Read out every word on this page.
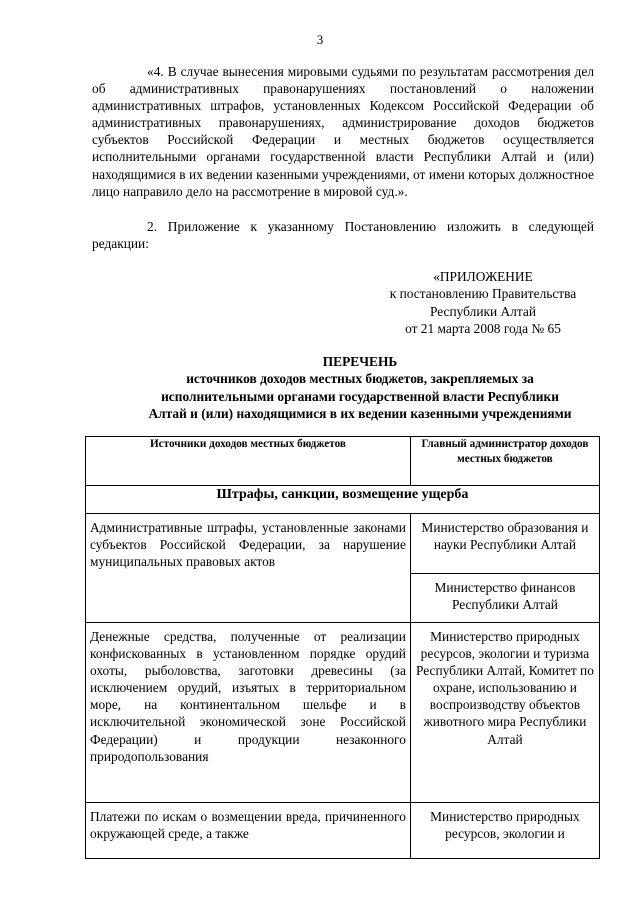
3
«4. В случае вынесения мировыми судьями по результатам рассмотрения дел об административных правонарушениях постановлений о наложении административных штрафов, установленных Кодексом Российской Федерации об административных правонарушениях, администрирование доходов бюджетов субъектов Российской Федерации и местных бюджетов осуществляется исполнительными органами государственной власти Республики Алтай и (или) находящимися в их ведении казенными учреждениями, от имени которых должностное лицо направило дело на рассмотрение в мировой суд.».
2. Приложение к указанному Постановлению изложить в следующей редакции:
«ПРИЛОЖЕНИЕ
к постановлению Правительства
Республики Алтай
от 21 марта 2008 года № 65
ПЕРЕЧЕНЬ
источников доходов местных бюджетов, закрепляемых за
исполнительными органами государственной власти Республики
Алтай и (или) находящимися в их ведении казенными учреждениями
Источники доходов местных бюджетов	Главный администратор доходов местных бюджетов
Штрафы, санкции, возмещение ущерба	
Административные штрафы, установленные законами субъектов Российской Федерации, за нарушение муниципальных правовых актов	Министерство образования и науки Республики Алтай
	Министерство финансов Республики Алтай
Денежные средства, полученные от реализации конфискованных в установленном порядке орудий охоты, рыболовства, заготовки древесины (за исключением орудий, изъятых в территориальном море, на континентальном шельфе и в исключительной экономической зоне Российской Федерации) и продукции незаконного природопользования	Министерство природных ресурсов, экологии и туризма Республики Алтай, Комитет по охране, использованию и воспроизводству объектов животного мира Республики Алтай
Платежи по искам о возмещении вреда, причиненного окружающей среде, а также	Министерство природных ресурсов, экологии и
